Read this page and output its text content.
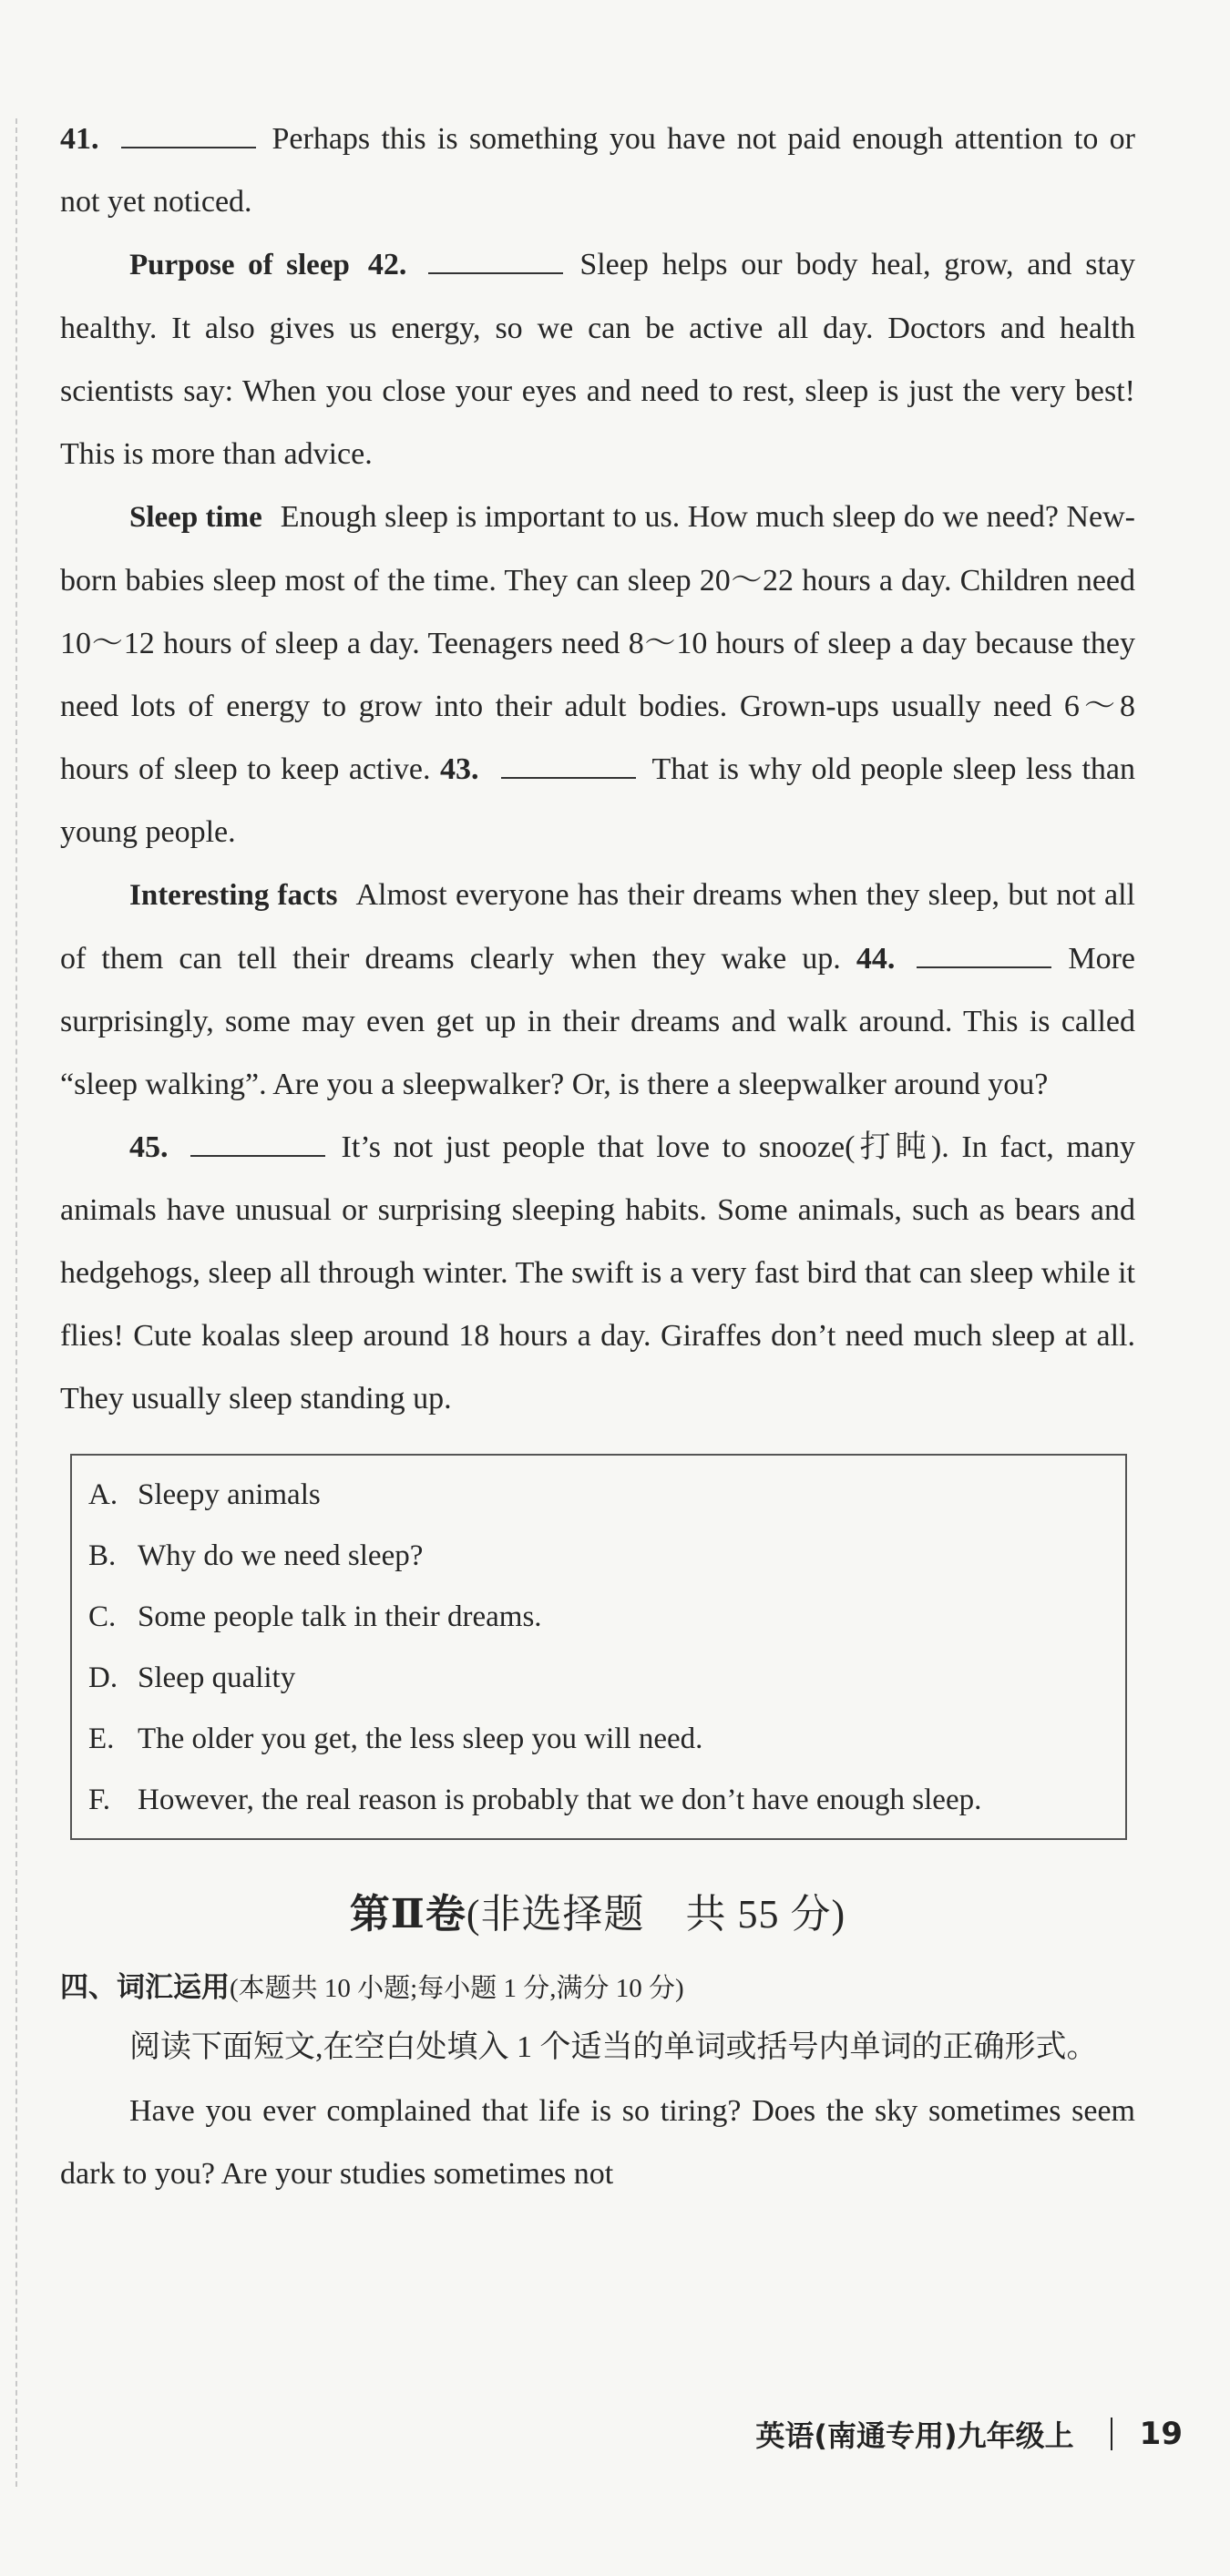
41.	Perhaps this is something you have not paid enough attention to or not yet noticed.

Purpose of sleep 42.	Sleep helps our body heal, grow, and stay healthy. It also gives us energy, so we can be active all day. Doctors and health scientists say: When you close your eyes and need to rest, sleep is just the very best! This is more than advice.

Sleep time Enough sleep is important to us. How much sleep do we need? New-born babies sleep most of the time. They can sleep 20～22 hours a day. Children need 10～12 hours of sleep a day. Teenagers need 8～10 hours of sleep a day because they need lots of energy to grow into their adult bodies. Grown-ups usually need 6～8 hours of sleep to keep active. 43.	That is why old people sleep less than young people.

Interesting facts Almost everyone has their dreams when they sleep, but not all of them can tell their dreams clearly when they wake up. 44.	More surprisingly, some may even get up in their dreams and walk around. This is called “sleep walking”. Are you a sleepwalker? Or, is there a sleepwalker around you?

45.	It’s not just people that love to snooze(打盹). In fact, many animals have unusual or surprising sleeping habits. Some animals, such as bears and hedgehogs, sleep all through winter. The swift is a very fast bird that can sleep while it flies! Cute koalas sleep around 18 hours a day. Giraffes don’t need much sleep at all. They usually sleep standing up.

A. Sleepy animals
B. Why do we need sleep?
C. Some people talk in their dreams.
D. Sleep quality
E. The older you get, the less sleep you will need.
F. However, the real reason is probably that we don’t have enough sleep.
第Ⅱ卷(非选择题　共 55 分)

四、词汇运用(本题共 10 小题;每小题 1 分,满分 10 分)

阅读下面短文,在空白处填入 1 个适当的单词或括号内单词的正确形式。

Have you ever complained that life is so tiring? Does the sky sometimes seem dark to you? Are your studies sometimes not

英语(南通专用)九年级上 19
